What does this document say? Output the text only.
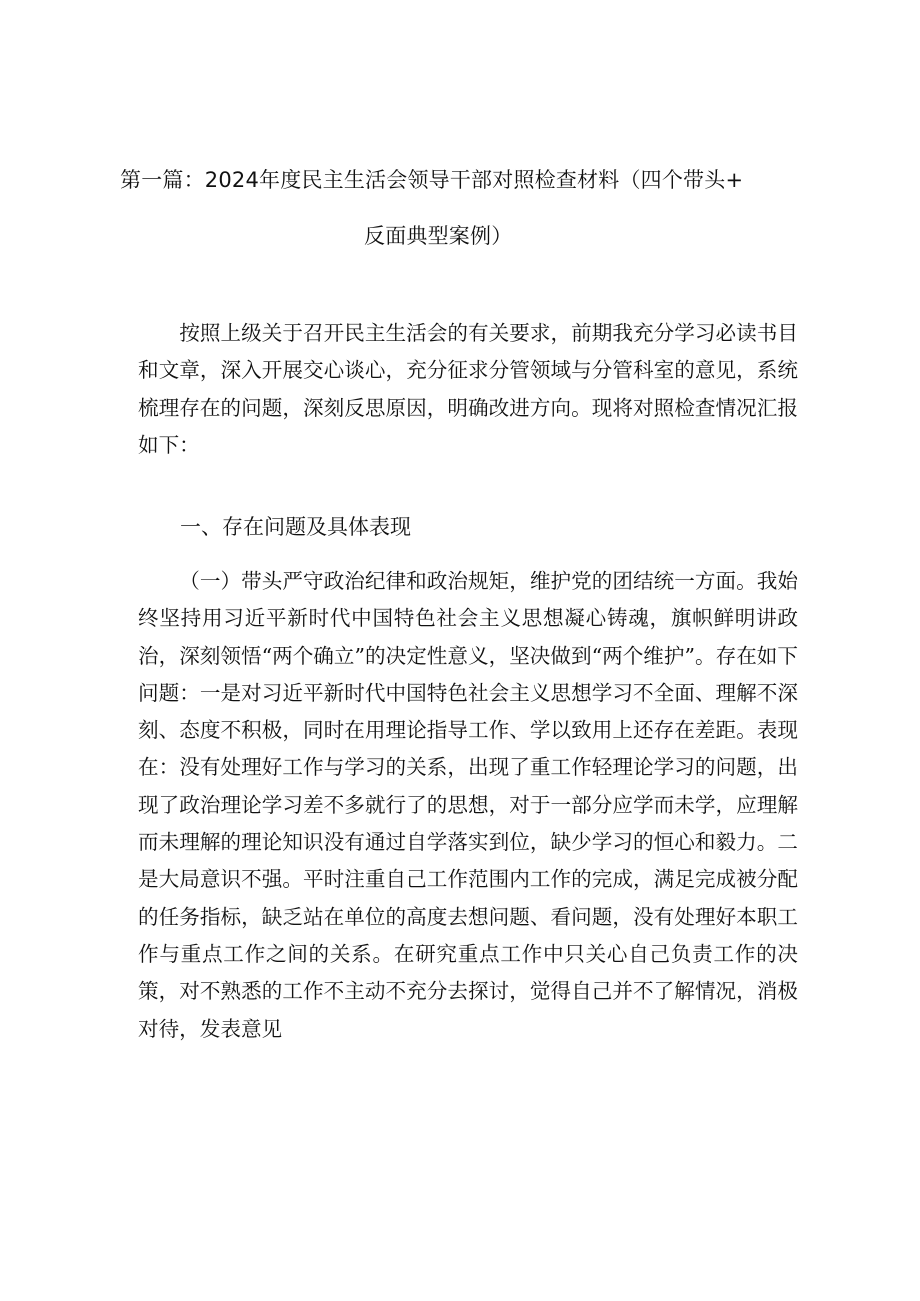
第一篇：2024年度民主生活会领导干部对照检查材料（四个带头+
反面典型案例）

按照上级关于召开民主生活会的有关要求，前期我充分学习必读书目和文章，深入开展交心谈心，充分征求分管领域与分管科室的意见，系统梳理存在的问题，深刻反思原因，明确改进方向。现将对照检查情况汇报如下：

一、存在问题及具体表现

（一）带头严守政治纪律和政治规矩，维护党的团结统一方面。我始终坚持用习近平新时代中国特色社会主义思想凝心铸魂，旗帜鲜明讲政治，深刻领悟“两个确立”的决定性意义，坚决做到“两个维护”。存在如下问题：一是对习近平新时代中国特色社会主义思想学习不全面、理解不深刻、态度不积极，同时在用理论指导工作、学以致用上还存在差距。表现在：没有处理好工作与学习的关系，出现了重工作轻理论学习的问题，出现了政治理论学习差不多就行了的思想，对于一部分应学而未学，应理解而未理解的理论知识没有通过自学落实到位，缺少学习的恒心和毅力。二是大局意识不强。平时注重自己工作范围内工作的完成，满足完成被分配的任务指标，缺乏站在单位的高度去想问题、看问题，没有处理好本职工作与重点工作之间的关系。在研究重点工作中只关心自己负责工作的决策，对不熟悉的工作不主动不充分去探讨，觉得自己并不了解情况，消极对待，发表意见
